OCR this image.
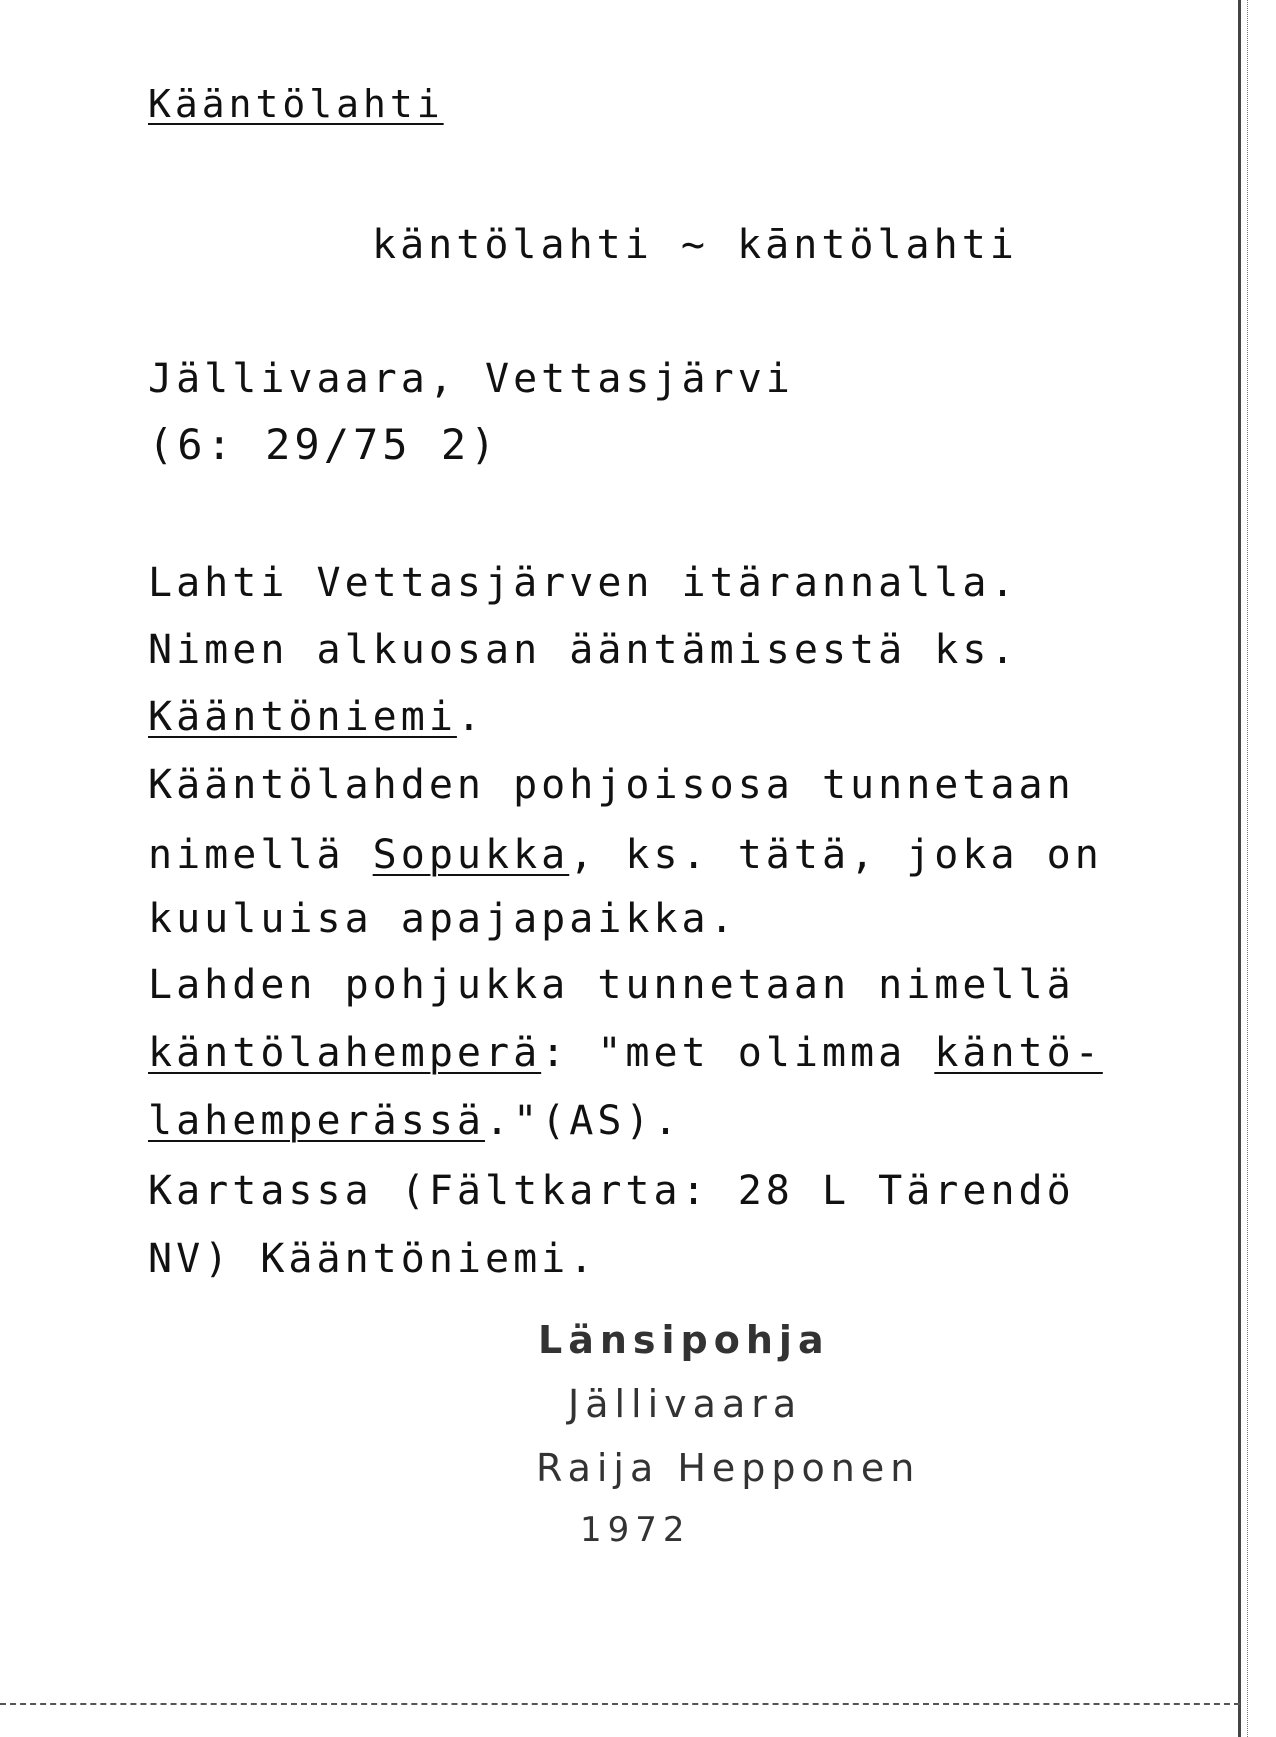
Kääntölahti
käntölahti ~ kāntölahti
Jällivaara, Vettasjärvi
(6: 29/75 2)
Lahti Vettasjärven itärannalla.
Nimen alkuosan ääntämisestä ks.
Kääntöniemi.
Kääntölahden pohjoisosa tunnetaan
nimellä Sopukka, ks. tätä, joka on
kuuluisa apajapaikka.
Lahden pohjukka tunnetaan nimellä
käntölahemperä: "met olimma käntö-
lahemperässä."(AS).
Kartassa (Fältkarta: 28 L Tärendö
NV) Kääntöniemi.
Länsipohja
Jällivaara
Raija Hepponen
1972
